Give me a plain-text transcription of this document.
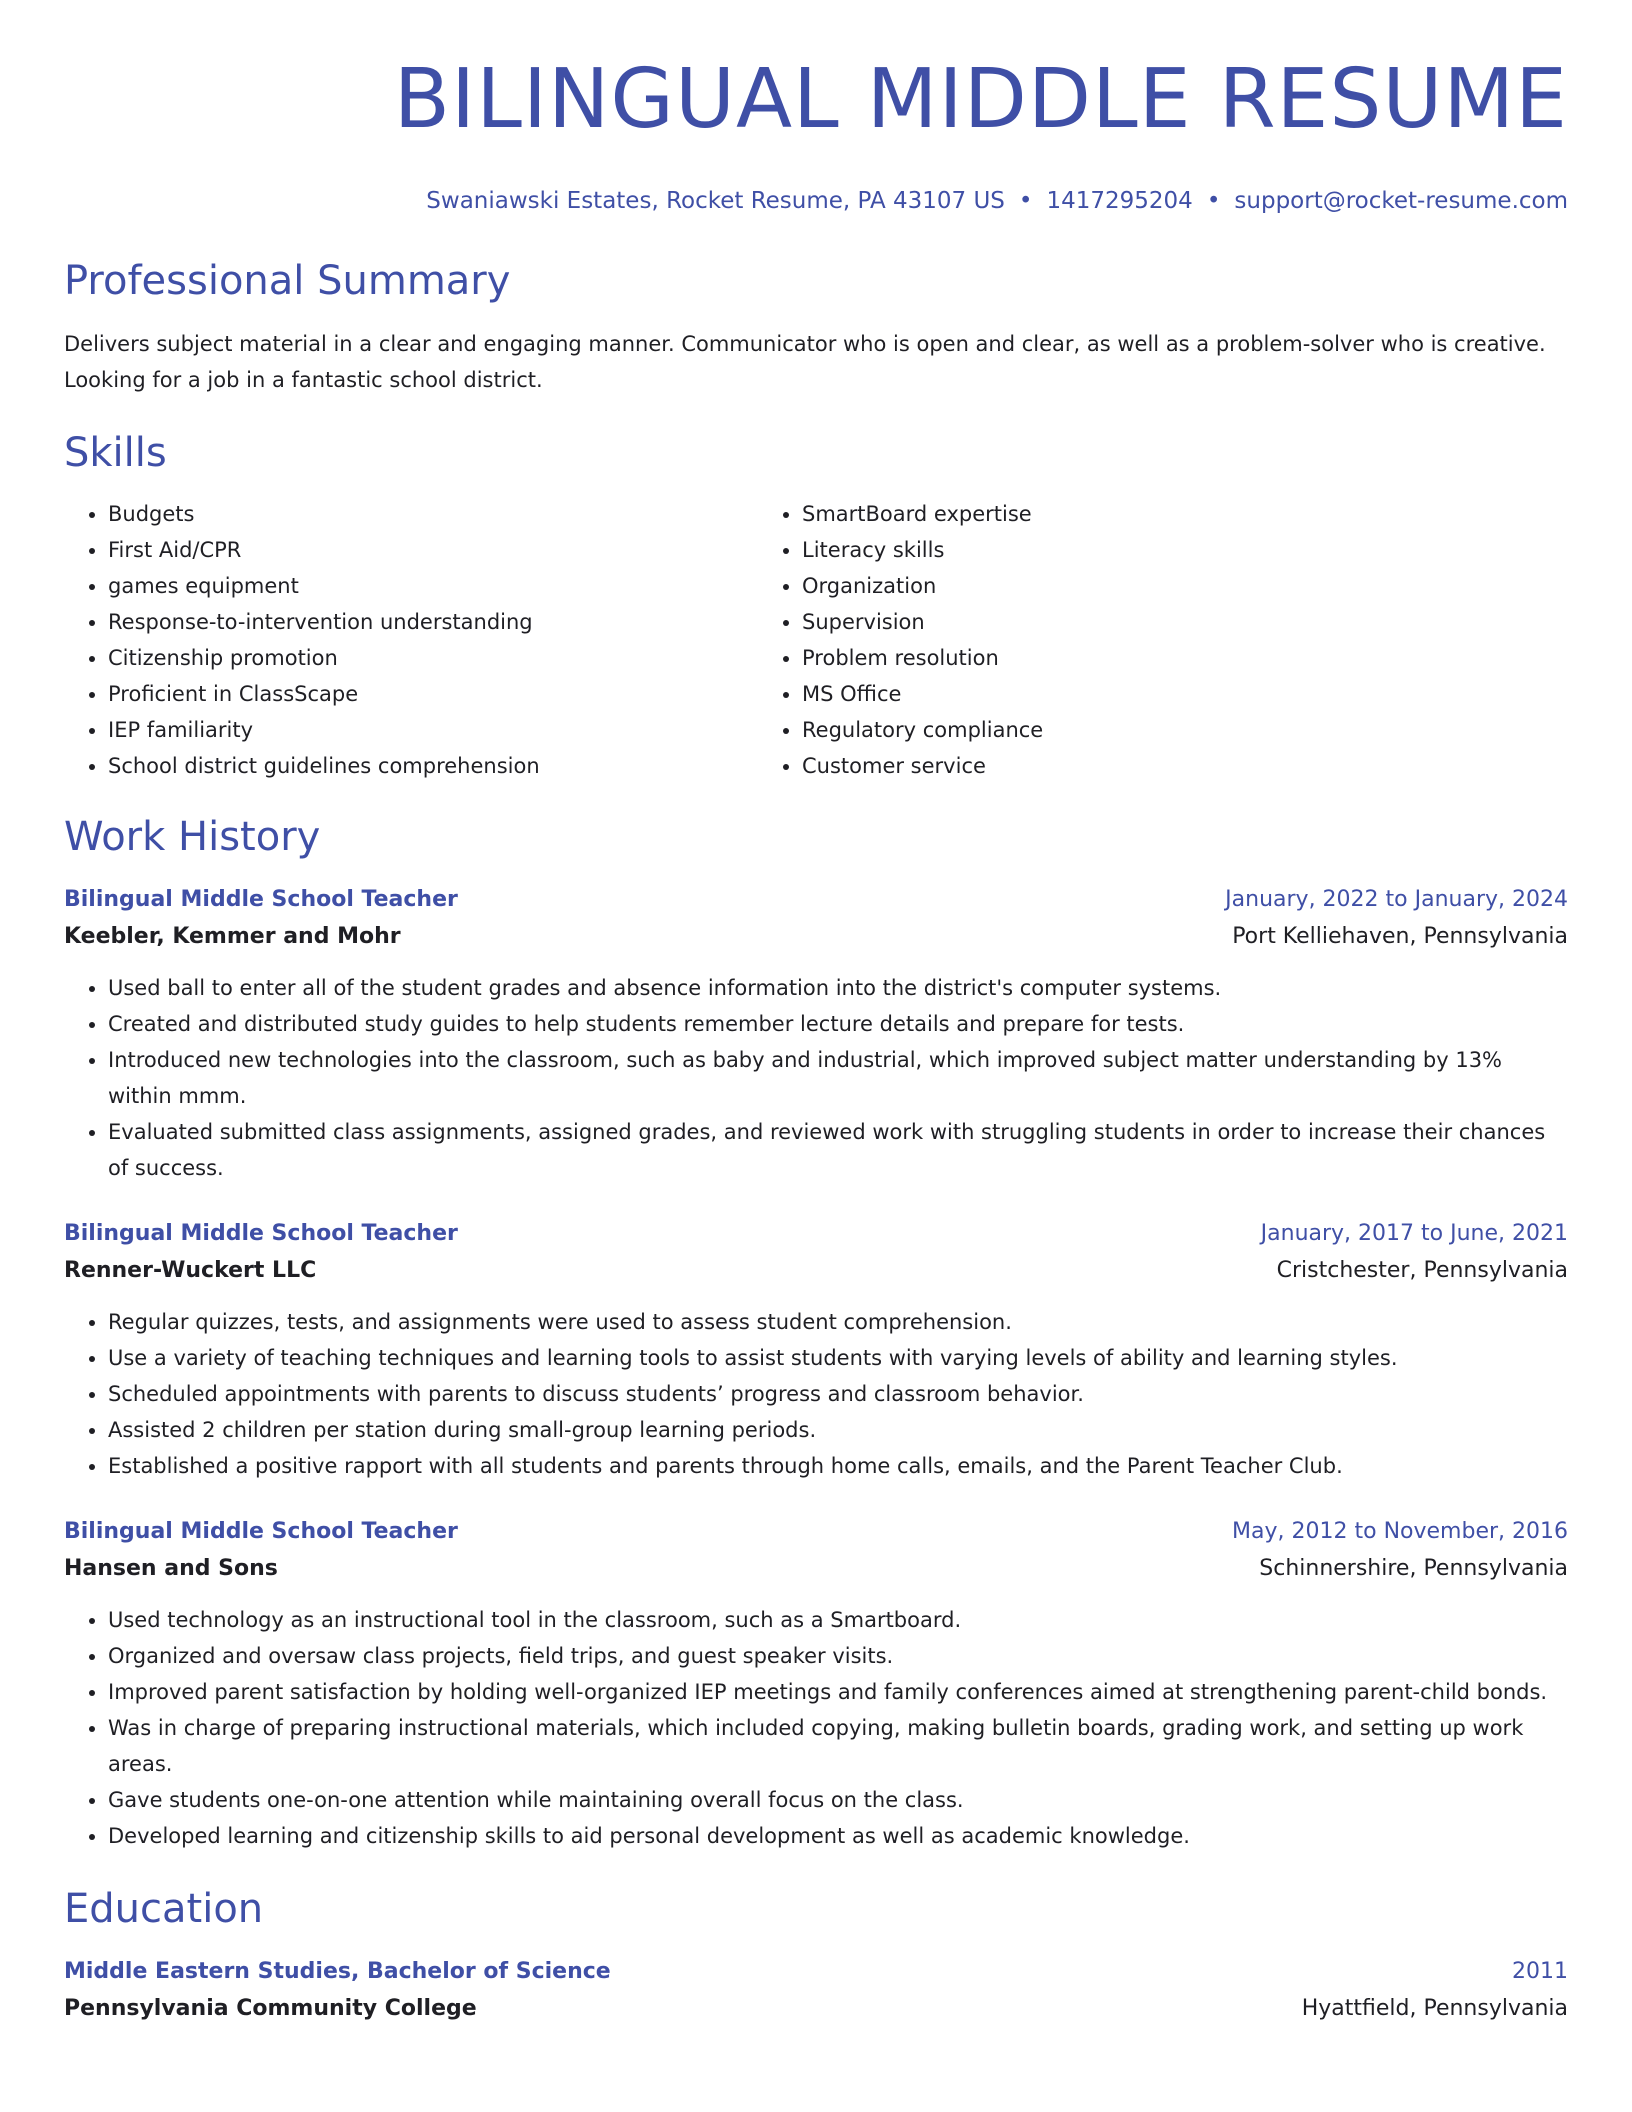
BILINGUAL MIDDLE RESUME
Swaniawski Estates, Rocket Resume, PA 43107 US • 1417295204 • support@rocket-resume.com
Professional Summary

Delivers subject material in a clear and engaging manner. Communicator who is open and clear, as well as a problem-solver who is creative. Looking for a job in a fantastic school district.

Skills
• Budgets
• First Aid/CPR
• games equipment
• Response-to-intervention understanding
• Citizenship promotion
• Proficient in ClassScape
• IEP familiarity
• School district guidelines comprehension
• SmartBoard expertise
• Literacy skills
• Organization
• Supervision
• Problem resolution
• MS Office
• Regulatory compliance
• Customer service
Work History
Bilingual Middle School Teacher	January, 2022 to January, 2024
Keebler, Kemmer and Mohr	Port Kelliehaven, Pennsylvania
• Used ball to enter all of the student grades and absence information into the district's computer systems.
• Created and distributed study guides to help students remember lecture details and prepare for tests.
• Introduced new technologies into the classroom, such as baby and industrial, which improved subject matter understanding by 13% within mmm.
• Evaluated submitted class assignments, assigned grades, and reviewed work with struggling students in order to increase their chances of success.
Bilingual Middle School Teacher	January, 2017 to June, 2021
Renner-Wuckert LLC	Cristchester, Pennsylvania
• Regular quizzes, tests, and assignments were used to assess student comprehension.
• Use a variety of teaching techniques and learning tools to assist students with varying levels of ability and learning styles.
• Scheduled appointments with parents to discuss students’ progress and classroom behavior.
• Assisted 2 children per station during small-group learning periods.
• Established a positive rapport with all students and parents through home calls, emails, and the Parent Teacher Club.
Bilingual Middle School Teacher	May, 2012 to November, 2016
Hansen and Sons	Schinnershire, Pennsylvania
• Used technology as an instructional tool in the classroom, such as a Smartboard.
• Organized and oversaw class projects, field trips, and guest speaker visits.
• Improved parent satisfaction by holding well-organized IEP meetings and family conferences aimed at strengthening parent-child bonds.
• Was in charge of preparing instructional materials, which included copying, making bulletin boards, grading work, and setting up work areas.
• Gave students one-on-one attention while maintaining overall focus on the class.
• Developed learning and citizenship skills to aid personal development as well as academic knowledge.
Education
Middle Eastern Studies, Bachelor of Science	2011
Pennsylvania Community College	Hyattfield, Pennsylvania
